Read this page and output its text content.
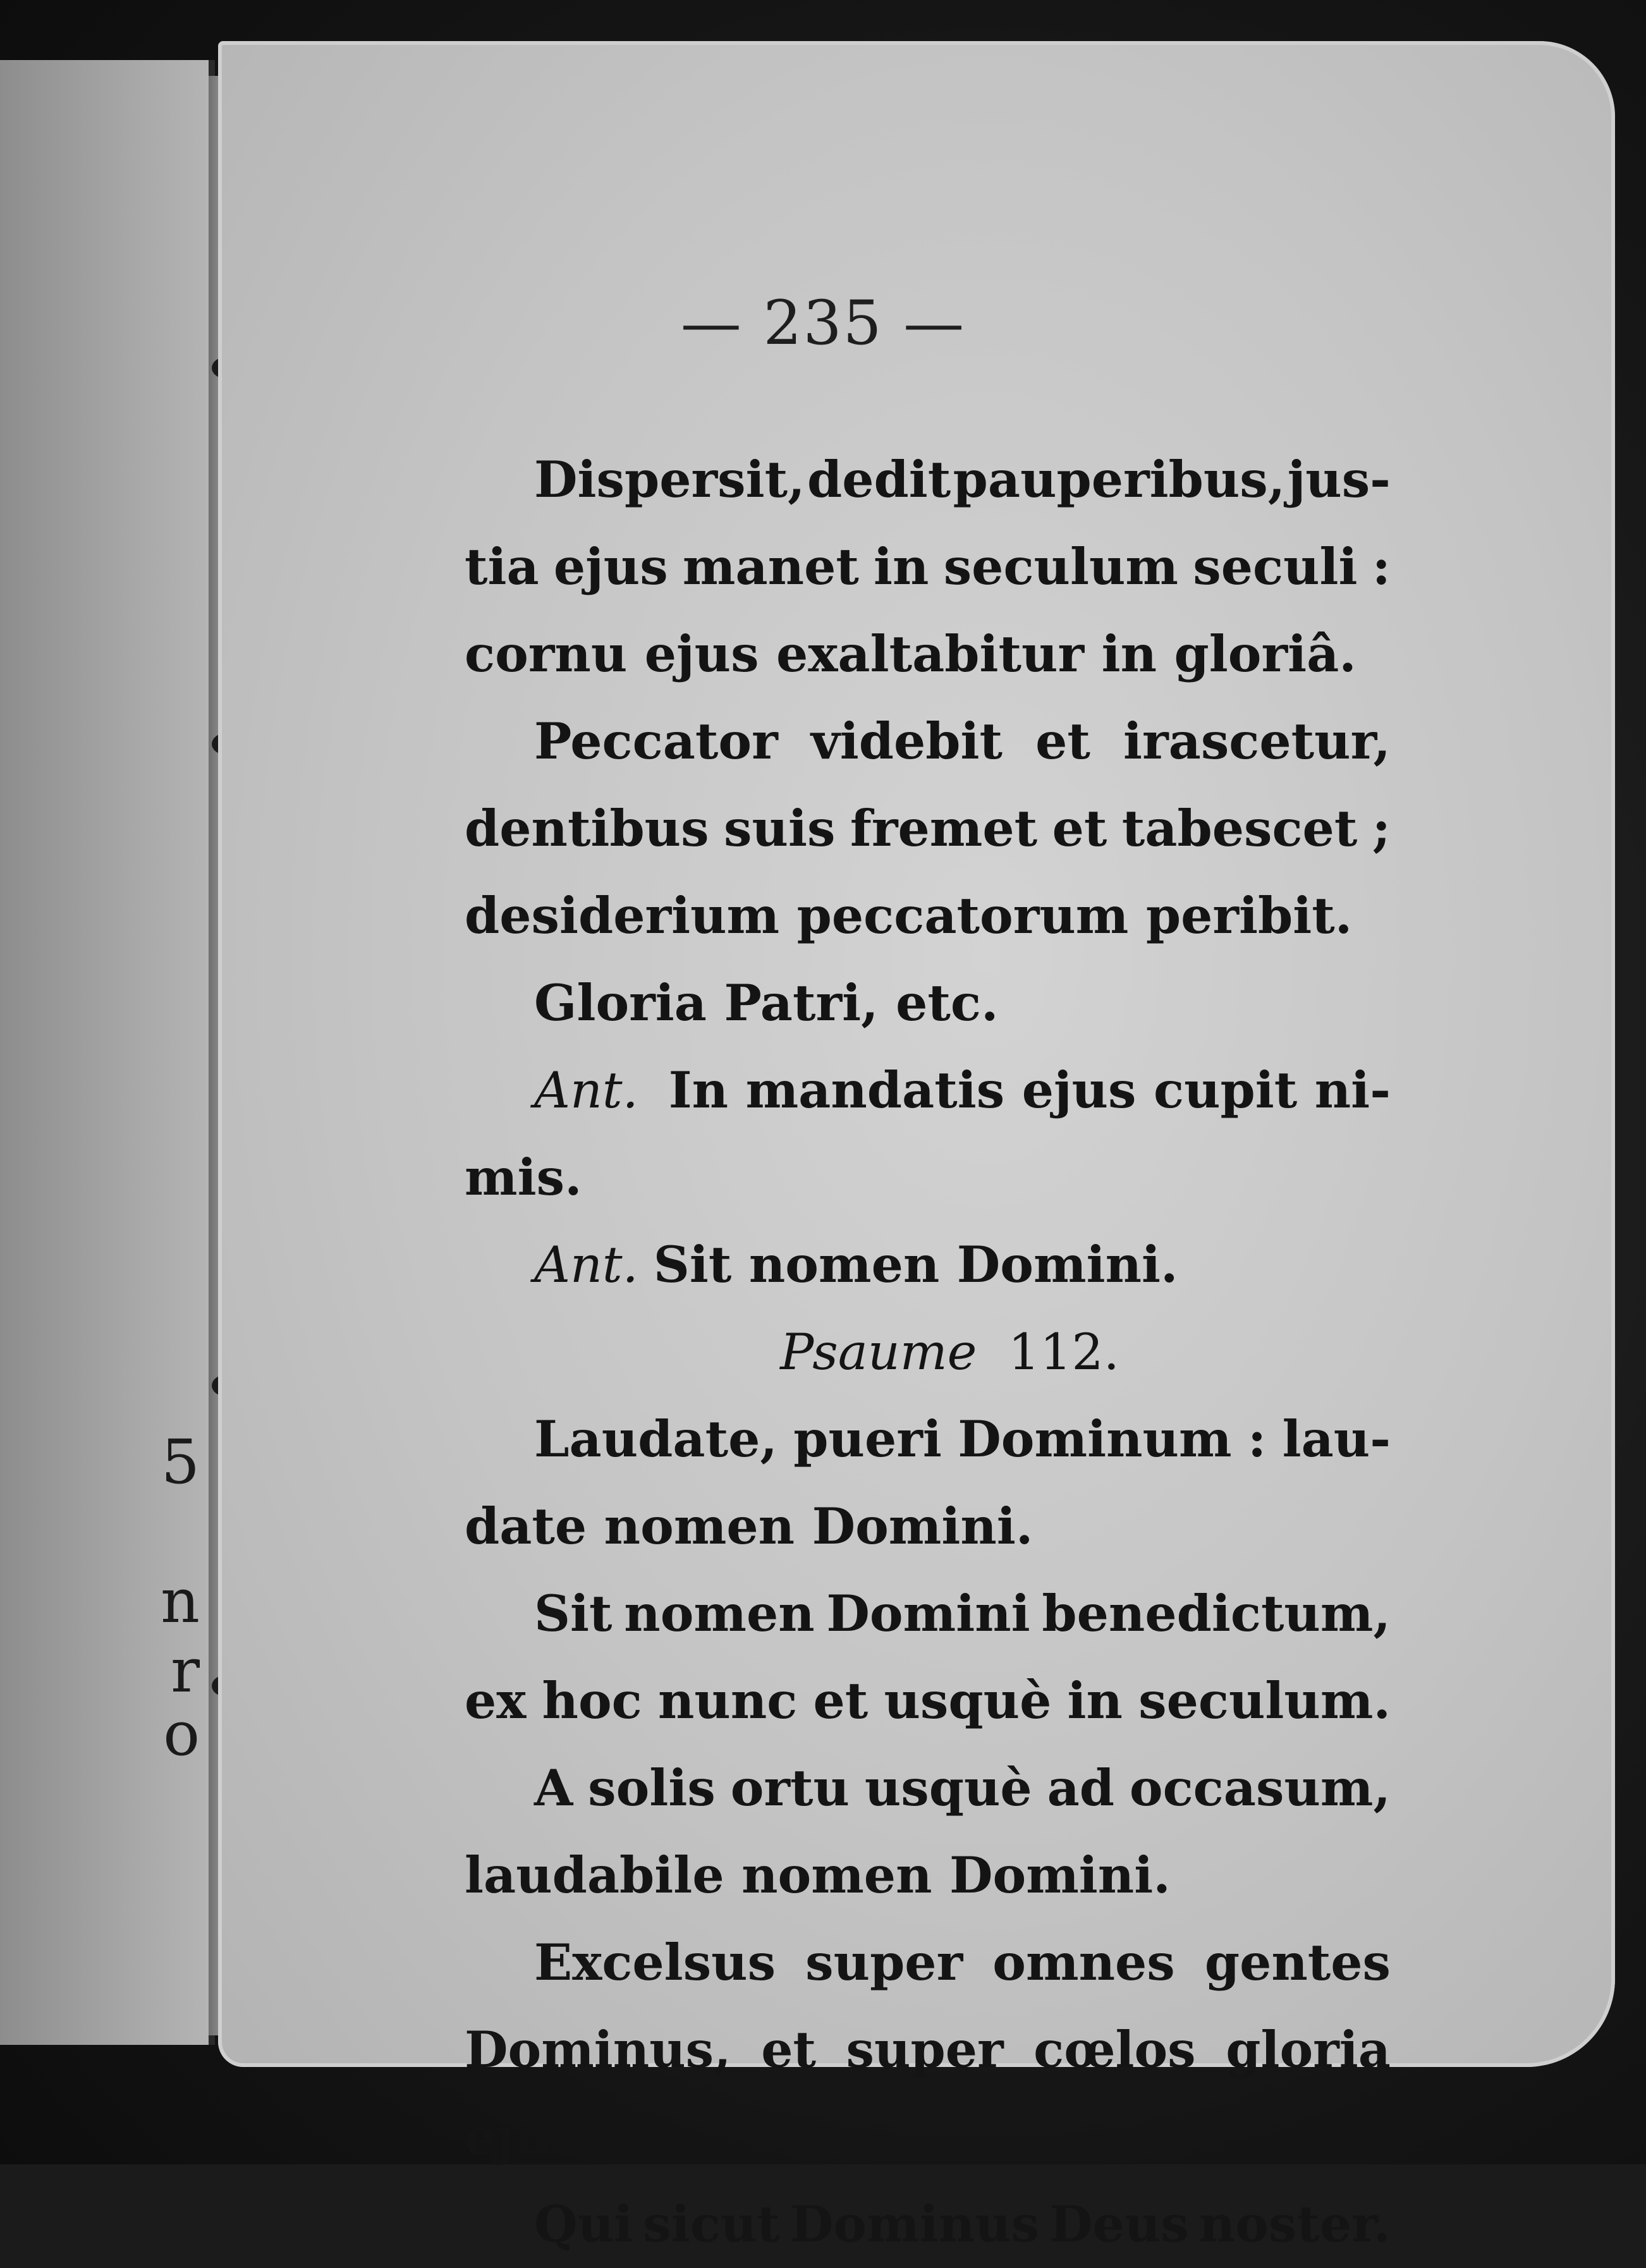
5
n
r
o
— 235 —
Dispersit, dedit pauperibus, jus-
tia ejus manet in seculum seculi :
cornu ejus exaltabitur in gloriâ.
Peccator videbit et irascetur,
dentibus suis fremet et tabescet ;
desiderium peccatorum peribit.
Gloria Patri, etc.
Ant. In mandatis ejus cupit ni-
mis.
Ant. Sit nomen Domini.
Psaume 112.
Laudate, pueri Dominum : lau-
date nomen Domini.
Sit nomen Domini benedictum,
ex hoc nunc et usquè in seculum.
A solis ortu usquè ad occasum,
laudabile nomen Domini.
Excelsus super omnes gentes
Dominus, et super cœlos gloria
ejus.
Qui sicut Dominus Deus noster.
